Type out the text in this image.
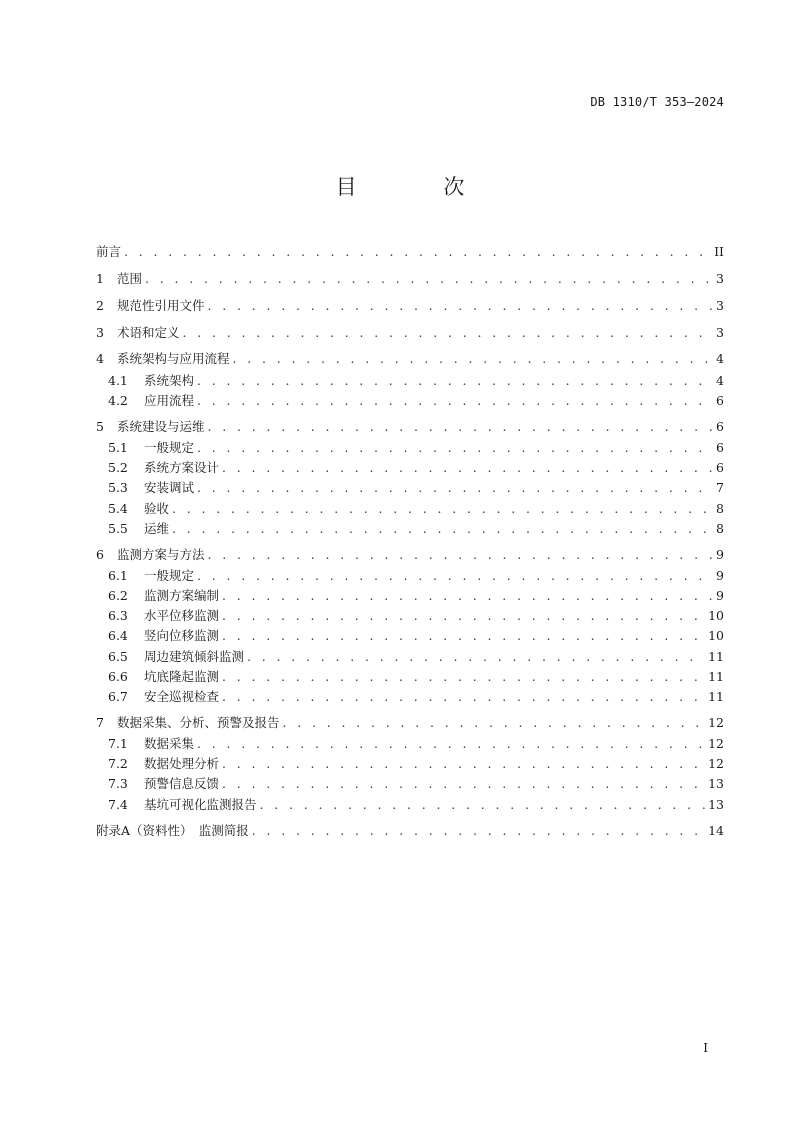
DB 1310/T 353—2024
目 次
前言 . . .	II
1	范围 . . .	3
2	规范性引用文件 . . .	3
3	术语和定义 . . .	3
4	系统架构与应用流程 . . .	4
4.1	系统架构 . . .	4
4.2	应用流程 . . .	6
5	系统建设与运维 . . .	6
5.1	一般规定 . . .	6
5.2	系统方案设计 . . .	6
5.3	安装调试 . . .	7
5.4	验收 . . .	8
5.5	运维 . . .	8
6	监测方案与方法 . . .	9
6.1	一般规定 . . .	9
6.2	监测方案编制 . . .	9
6.3	水平位移监测 . . .	10
6.4	竖向位移监测 . . .	10
6.5	周边建筑倾斜监测 . . .	11
6.6	坑底隆起监测 . . .	11
6.7	安全巡视检查 . . .	11
7	数据采集、分析、预警及报告 . . .	12
7.1	数据采集 . . .	12
7.2	数据处理分析 . . .	12
7.3	预警信息反馈 . . .	13
7.4	基坑可视化监测报告 . . .	13
附录A（资料性）　监测简报 . . .	14
I
